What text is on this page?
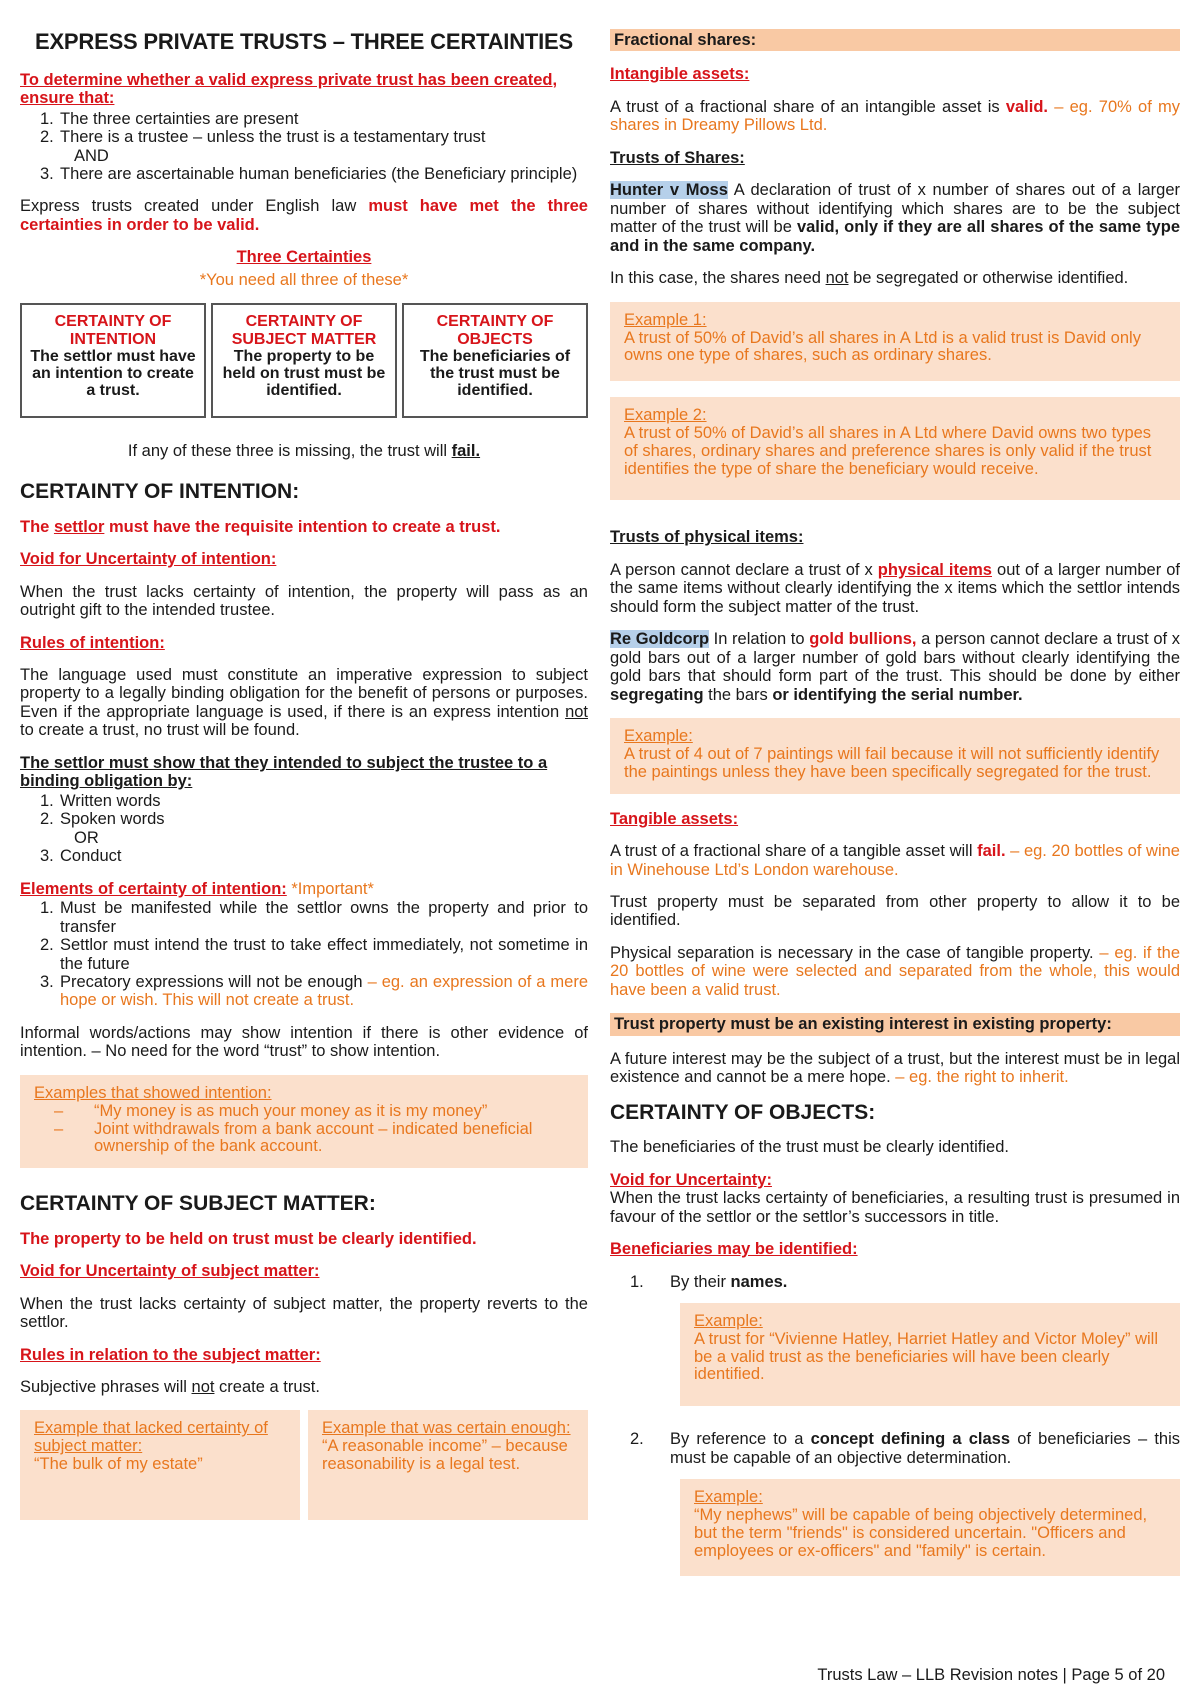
EXPRESS PRIVATE TRUSTS – THREE CERTAINTIES
To determine whether a valid express private trust has been created, ensure that:
1. The three certainties are present
2. There is a trustee – unless the trust is a testamentary trust
AND
3. There are ascertainable human beneficiaries (the Beneficiary principle)
Express trusts created under English law must have met the three certainties in order to be valid.
Three Certainties
*You need all three of these*
CERTAINTY OF INTENTION
The settlor must have an intention to create a trust.
CERTAINTY OF SUBJECT MATTER
The property to be held on trust must be identified.
CERTAINTY OF OBJECTS
The beneficiaries of the trust must be identified.
If any of these three is missing, the trust will fail.
CERTAINTY OF INTENTION:
The settlor must have the requisite intention to create a trust.
Void for Uncertainty of intention:
When the trust lacks certainty of intention, the property will pass as an outright gift to the intended trustee.
Rules of intention:
The language used must constitute an imperative expression to subject property to a legally binding obligation for the benefit of persons or purposes. Even if the appropriate language is used, if there is an express intention not to create a trust, no trust will be found.
The settlor must show that they intended to subject the trustee to a binding obligation by:
1. Written words
2. Spoken words
OR
3. Conduct
Elements of certainty of intention: *Important*
1. Must be manifested while the settlor owns the property and prior to transfer
2. Settlor must intend the trust to take effect immediately, not sometime in the future
3. Precatory expressions will not be enough – eg. an expression of a mere hope or wish. This will not create a trust.
Informal words/actions may show intention if there is other evidence of intention. – No need for the word “trust” to show intention.
Examples that showed intention:
–	“My money is as much your money as it is my money”
–	Joint withdrawals from a bank account – indicated beneficial ownership of the bank account.
CERTAINTY OF SUBJECT MATTER:
The property to be held on trust must be clearly identified.
Void for Uncertainty of subject matter:
When the trust lacks certainty of subject matter, the property reverts to the settlor.
Rules in relation to the subject matter:
Subjective phrases will not create a trust.
Example that lacked certainty of subject matter:
“The bulk of my estate”
Example that was certain enough:
“A reasonable income” – because reasonability is a legal test.
Fractional shares:
Intangible assets:
A trust of a fractional share of an intangible asset is valid. – eg. 70% of my shares in Dreamy Pillows Ltd.
Trusts of Shares:
Hunter v Moss A declaration of trust of x number of shares out of a larger number of shares without identifying which shares are to be the subject matter of the trust will be valid, only if they are all shares of the same type and in the same company.
In this case, the shares need not be segregated or otherwise identified.
Example 1:
A trust of 50% of David’s all shares in A Ltd is a valid trust is David only owns one type of shares, such as ordinary shares.
Example 2:
A trust of 50% of David’s all shares in A Ltd where David owns two types of shares, ordinary shares and preference shares is only valid if the trust identifies the type of share the beneficiary would receive.
Trusts of physical items:
A person cannot declare a trust of x physical items out of a larger number of the same items without clearly identifying the x items which the settlor intends should form the subject matter of the trust.
Re Goldcorp In relation to gold bullions, a person cannot declare a trust of x gold bars out of a larger number of gold bars without clearly identifying the gold bars that should form part of the trust. This should be done by either segregating the bars or identifying the serial number.
Example:
A trust of 4 out of 7 paintings will fail because it will not sufficiently identify the paintings unless they have been specifically segregated for the trust.
Tangible assets:
A trust of a fractional share of a tangible asset will fail. – eg. 20 bottles of wine in Winehouse Ltd’s London warehouse.
Trust property must be separated from other property to allow it to be identified.
Physical separation is necessary in the case of tangible property. – eg. if the 20 bottles of wine were selected and separated from the whole, this would have been a valid trust.
Trust property must be an existing interest in existing property:
A future interest may be the subject of a trust, but the interest must be in legal existence and cannot be a mere hope. – eg. the right to inherit.
CERTAINTY OF OBJECTS:
The beneficiaries of the trust must be clearly identified.
Void for Uncertainty:
When the trust lacks certainty of beneficiaries, a resulting trust is presumed in favour of the settlor or the settlor’s successors in title.
Beneficiaries may be identified:
1.	By their names.
Example:
A trust for “Vivienne Hatley, Harriet Hatley and Victor Moley” will be a valid trust as the beneficiaries will have been clearly identified.
2.	By reference to a concept defining a class of beneficiaries – this must be capable of an objective determination.
Example:
“My nephews” will be capable of being objectively determined, but the term "friends" is considered uncertain. "Officers and employees or ex-officers" and "family" is certain.
Trusts Law – LLB Revision notes | Page 5 of 20
